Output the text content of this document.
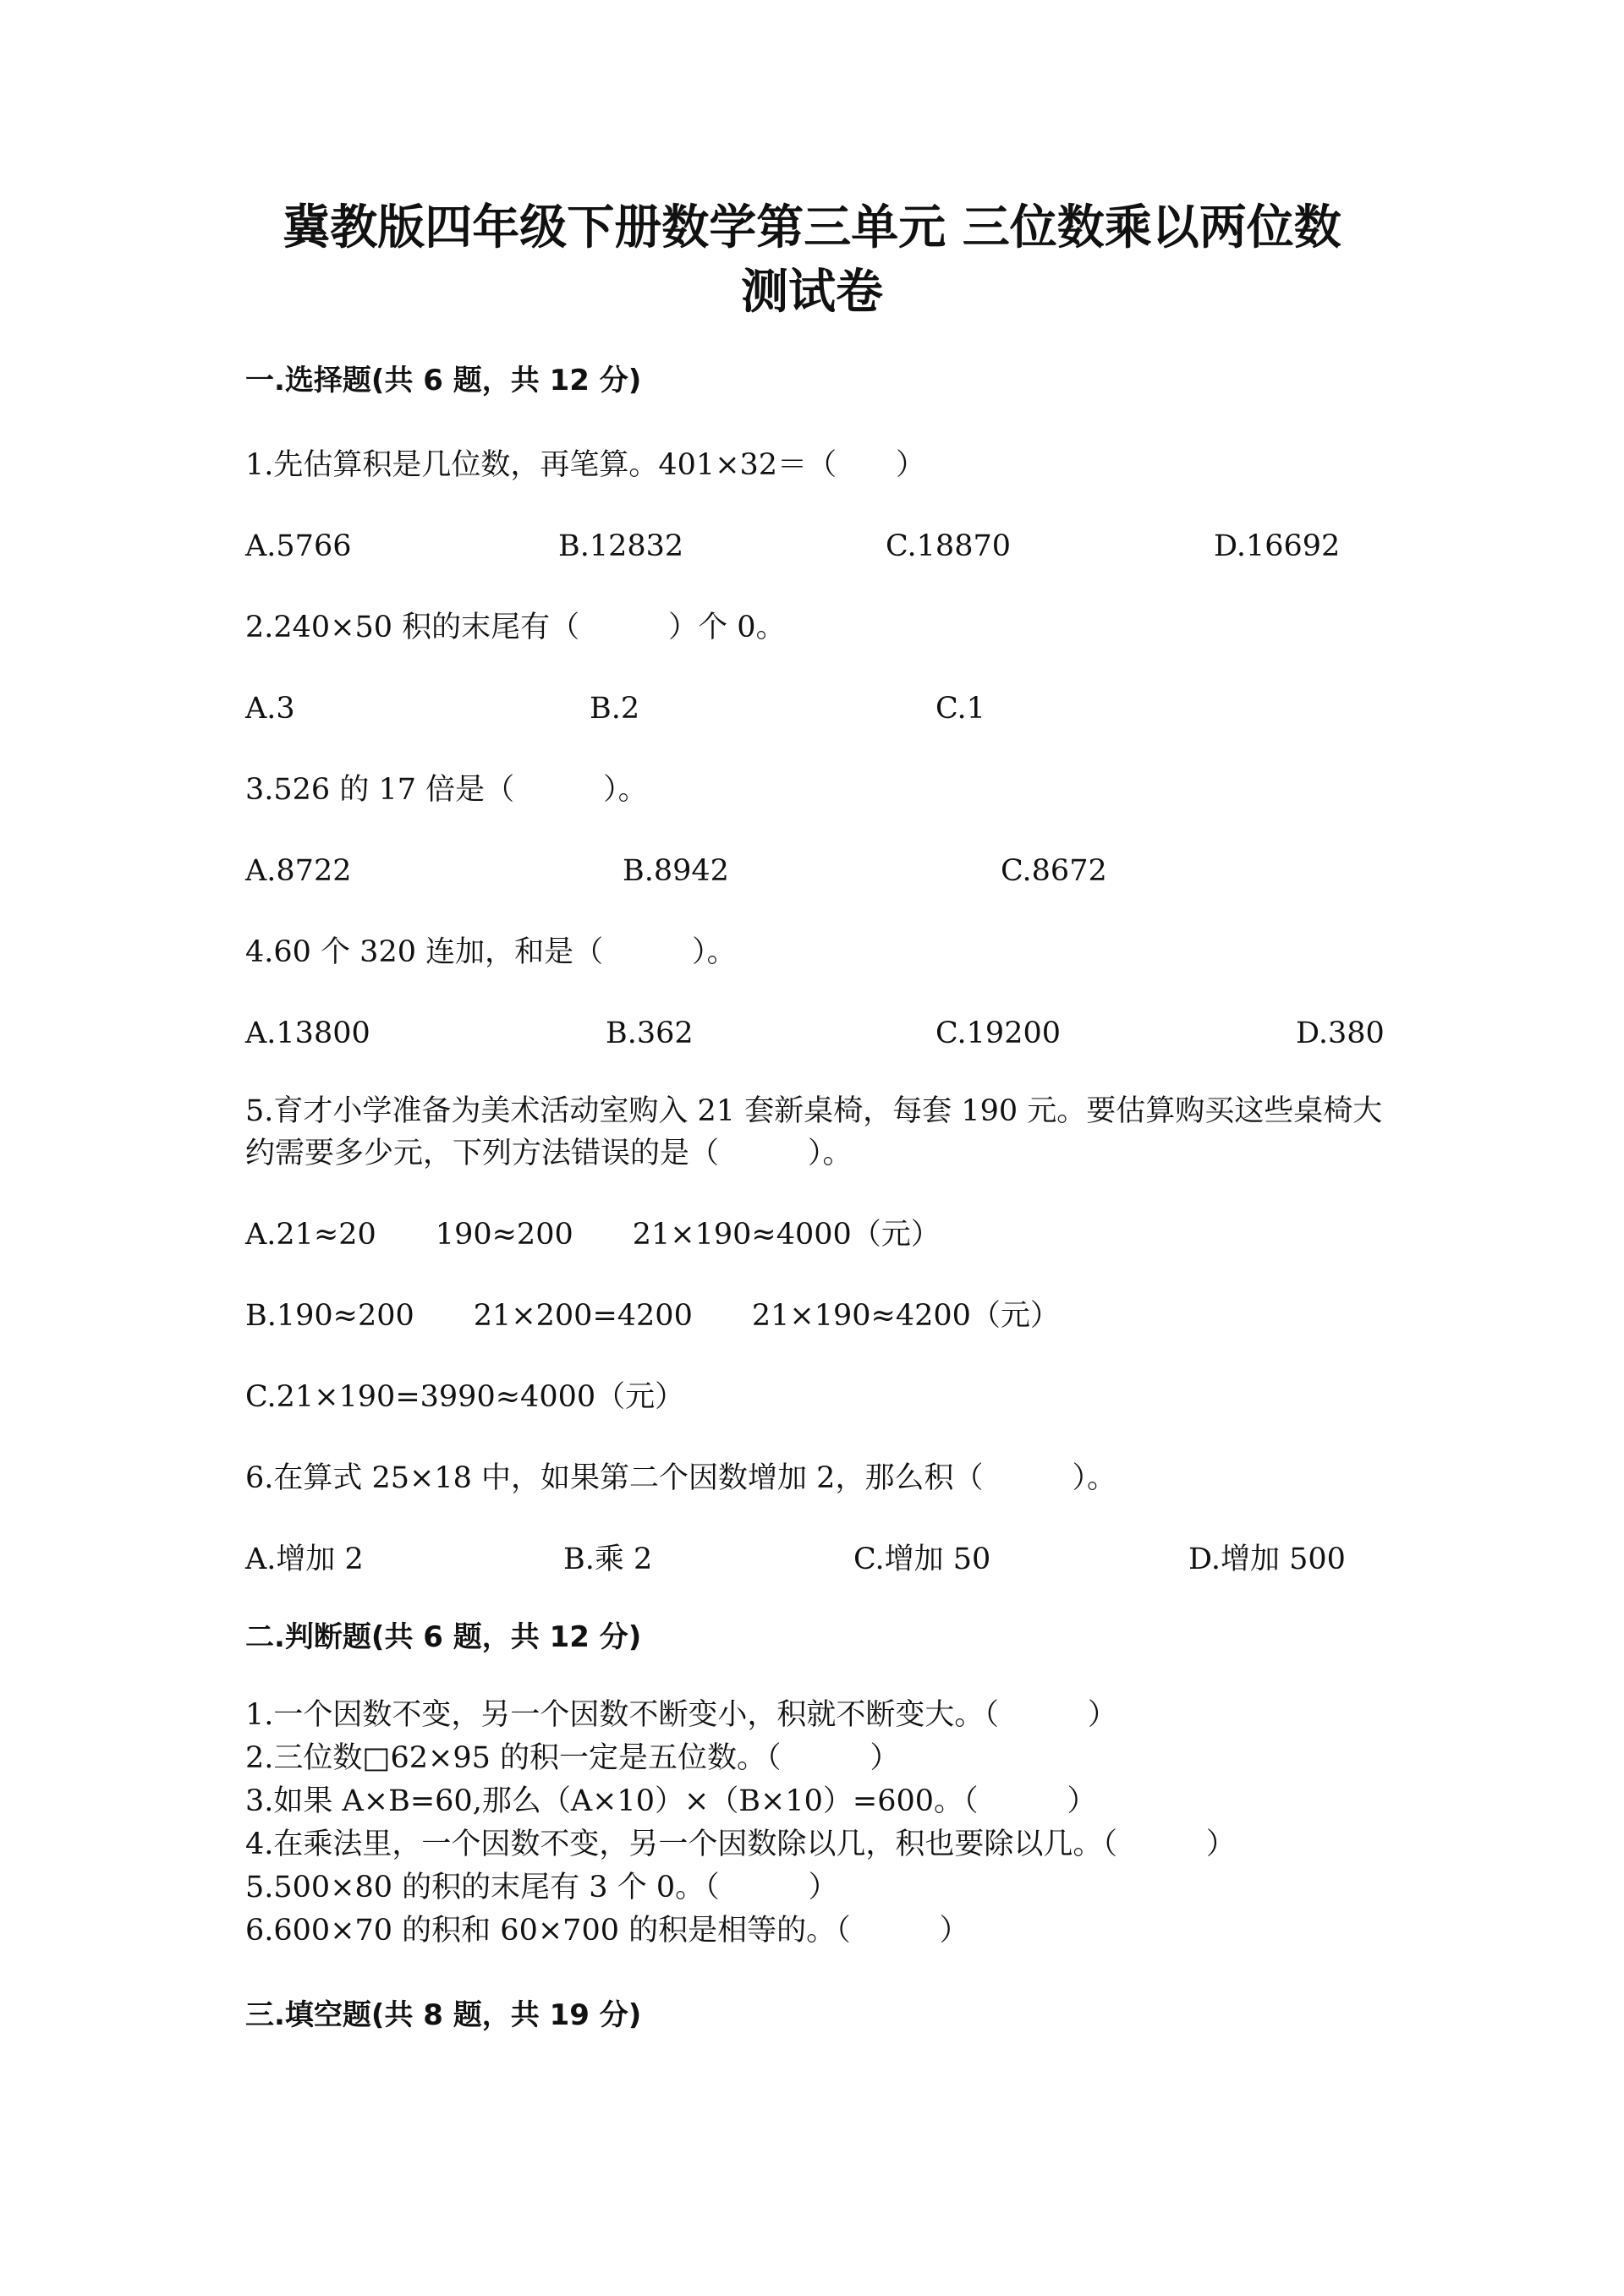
冀教版四年级下册数学第三单元 三位数乘以两位数
测试卷
一.选择题(共 6 题，共 12 分)
1.先估算积是几位数，再笔算。401×32＝（　　）
A.5766	B.12832	C.18870	D.16692
2.240×50 积的末尾有（　　　）个 0。
A.3	B.2	C.1
3.526 的 17 倍是（　　　）。
A.8722	B.8942	C.8672
4.60 个 320 连加，和是（　　　）。
A.13800	B.362	C.19200	D.380
5.育才小学准备为美术活动室购入 21 套新桌椅，每套 190 元。要估算购买这些桌椅大约需要多少元，下列方法错误的是（　　　）。
A.21≈20　　190≈200　　21×190≈4000（元）
B.190≈200　　21×200=4200　　21×190≈4200（元）
C.21×190=3990≈4000（元）
6.在算式 25×18 中，如果第二个因数增加 2，那么积（　　　）。
A.增加 2	B.乘 2	C.增加 50	D.增加 500
二.判断题(共 6 题，共 12 分)
1.一个因数不变，另一个因数不断变小，积就不断变大。（　　　）
2.三位数□62×95 的积一定是五位数。（　　　）
3.如果 A×B=60,那么（A×10）×（B×10）=600。（　　　）
4.在乘法里，一个因数不变，另一个因数除以几，积也要除以几。（　　　）
5.500×80 的积的末尾有 3 个 0。（　　　）
6.600×70 的积和 60×700 的积是相等的。（　　　）
三.填空题(共 8 题，共 19 分)
